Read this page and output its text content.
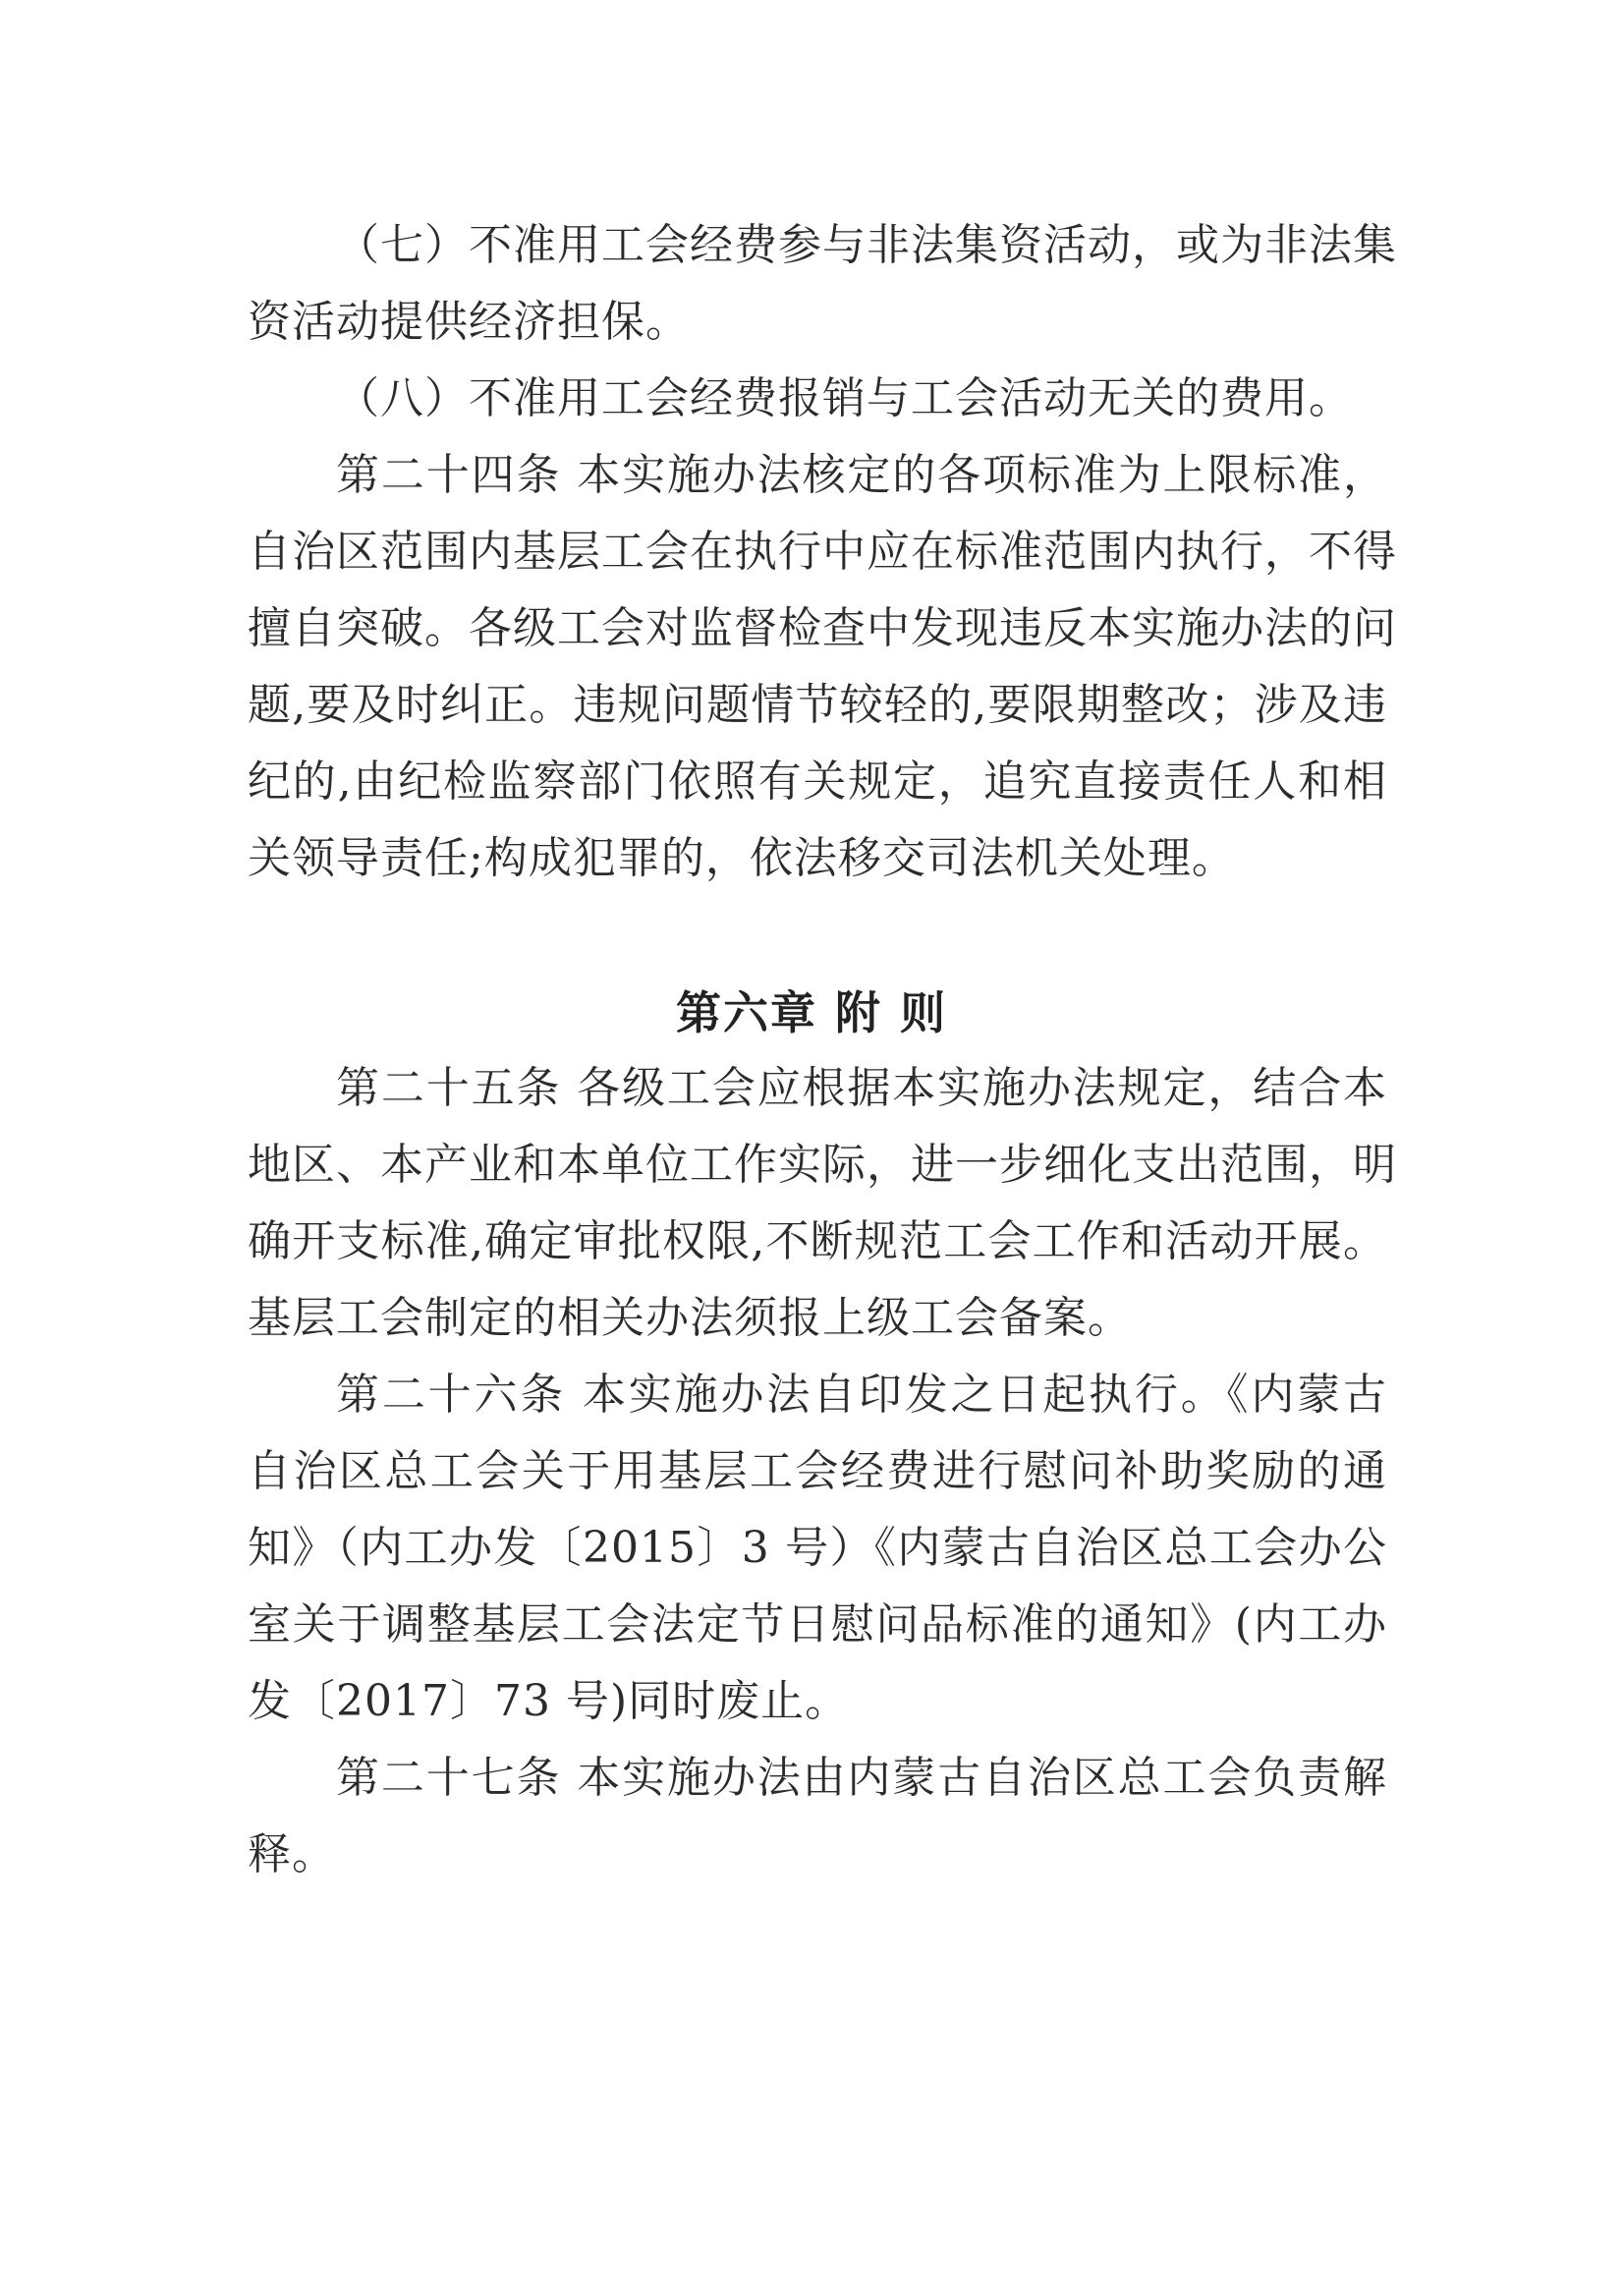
（七）不准用工会经费参与非法集资活动，或为非法集
资活动提供经济担保。
（八）不准用工会经费报销与工会活动无关的费用。
第二十四条 本实施办法核定的各项标准为上限标准，
自治区范围内基层工会在执行中应在标准范围内执行，不得
擅自突破。各级工会对监督检查中发现违反本实施办法的问
题,要及时纠正。违规问题情节较轻的,要限期整改；涉及违
纪的,由纪检监察部门依照有关规定，追究直接责任人和相
关领导责任;构成犯罪的，依法移交司法机关处理。
第六章 附 则
第二十五条 各级工会应根据本实施办法规定，结合本
地区、本产业和本单位工作实际，进一步细化支出范围，明
确开支标准,确定审批权限,不断规范工会工作和活动开展。
基层工会制定的相关办法须报上级工会备案。
第二十六条 本实施办法自印发之日起执行。《内蒙古
自治区总工会关于用基层工会经费进行慰问补助奖励的通
知》（内工办发〔2015〕3 号）《内蒙古自治区总工会办公
室关于调整基层工会法定节日慰问品标准的通知》(内工办
发〔2017〕73 号)同时废止。
第二十七条 本实施办法由内蒙古自治区总工会负责解
释。
